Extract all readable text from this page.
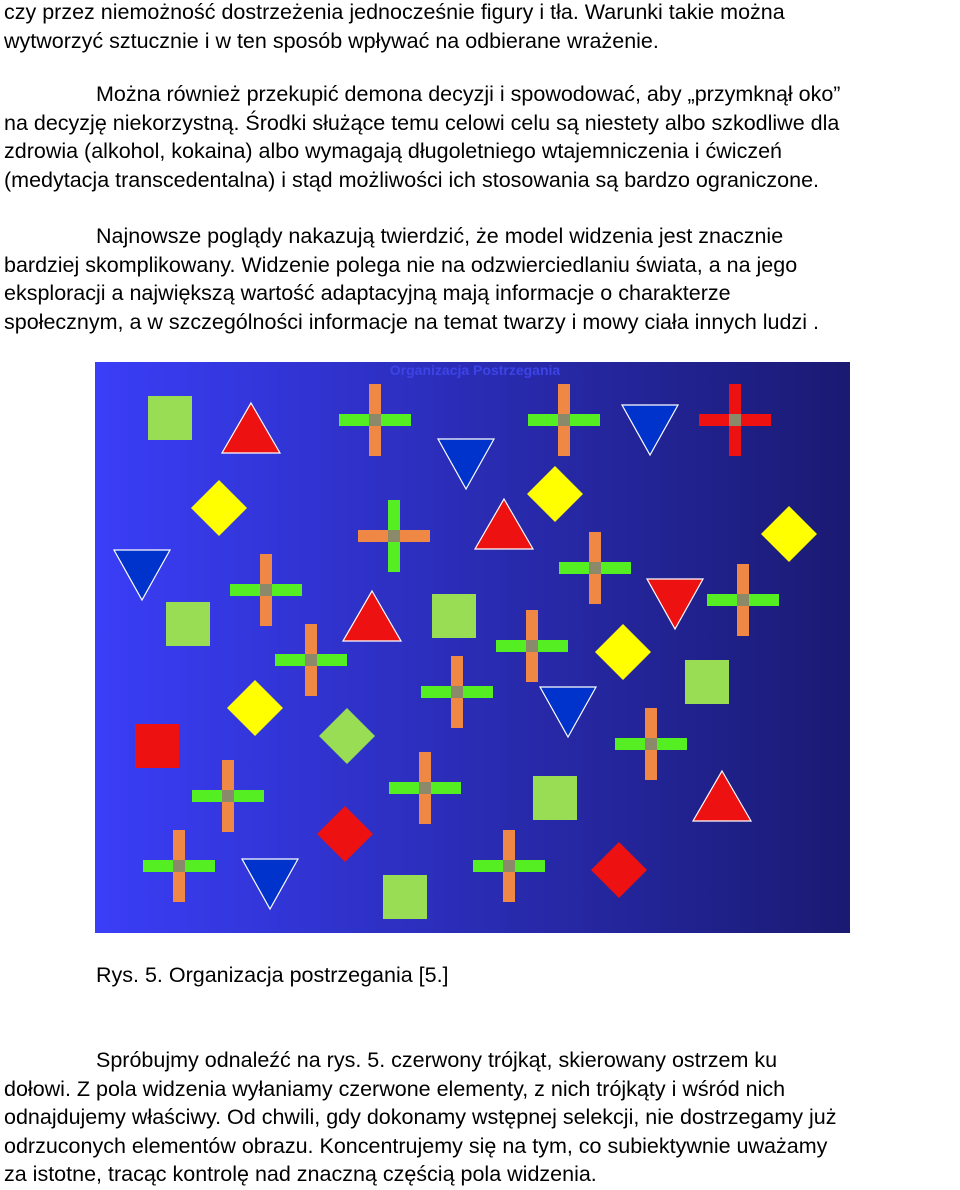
czy przez niemożność dostrzeżenia jednocześnie figury i tła. Warunki takie można
wytworzyć sztucznie i w ten sposób wpływać na odbierane wrażenie.

Można również przekupić demona decyzji i spowodować, aby „przymknął oko”
na decyzję niekorzystną. Środki służące temu celowi celu są niestety albo szkodliwe dla
zdrowia (alkohol, kokaina) albo wymagają długoletniego wtajemniczenia i ćwiczeń
(medytacja transcedentalna) i stąd możliwości ich stosowania są bardzo ograniczone.

Najnowsze poglądy nakazują twierdzić, że model widzenia jest znacznie
bardziej skomplikowany. Widzenie polega nie na odzwierciedlaniu świata, a na jego
eksploracji a największą wartość adaptacyjną mają informacje o charakterze
społecznym, a w szczególności informacje na temat twarzy i mowy ciała innych ludzi .

Organizacja Postrzegania
Rys. 5. Organizacja postrzegania [5.]

Spróbujmy odnaleźć na rys. 5. czerwony trójkąt, skierowany ostrzem ku
dołowi. Z pola widzenia wyłaniamy czerwone elementy, z nich trójkąty i wśród nich
odnajdujemy właściwy. Od chwili, gdy dokonamy wstępnej selekcji, nie dostrzegamy już
odrzuconych elementów obrazu. Koncentrujemy się na tym, co subiektywnie uważamy
za istotne, tracąc kontrolę nad znaczną częścią pola widzenia.
